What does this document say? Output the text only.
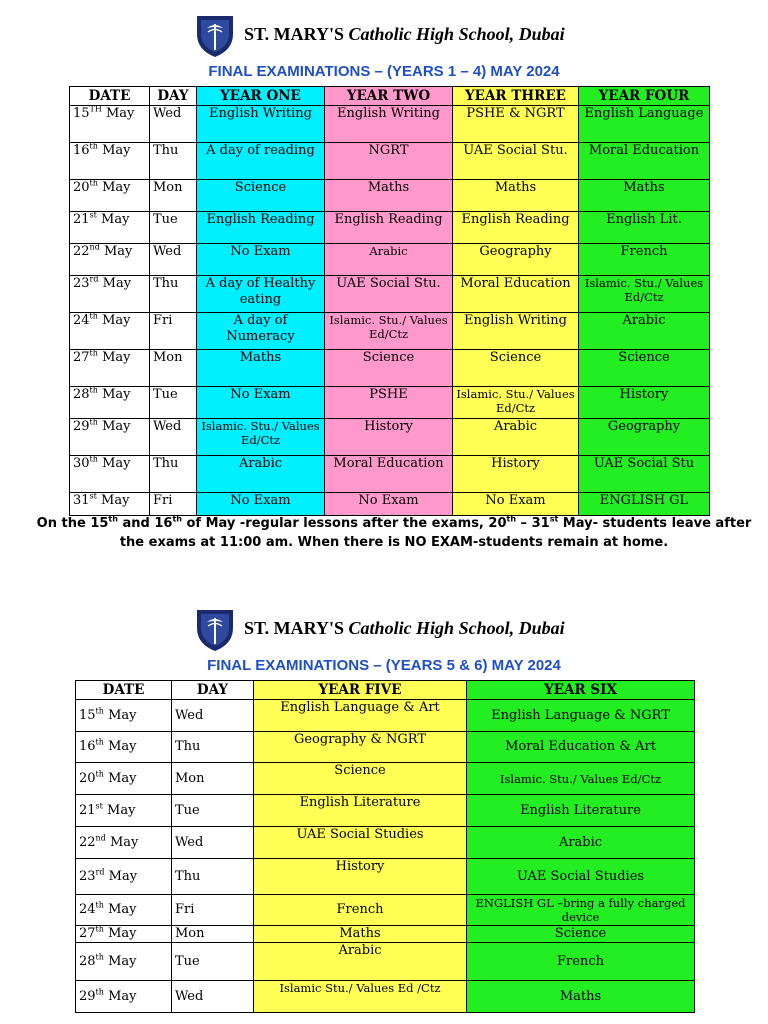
ST. MARY'S Catholic High School, Dubai
FINAL EXAMINATIONS – (YEARS 1 – 4) MAY 2024
DATE	DAY	YEAR ONE	YEAR TWO	YEAR THREE	YEAR FOUR
15TH May	Wed	English Writing	English Writing	PSHE & NGRT	English Language
16th May	Thu	A day of reading	NGRT	UAE Social Stu.	Moral Education
20th May	Mon	Science	Maths	Maths	Maths
21st May	Tue	English Reading	English Reading	English Reading	English Lit.
22nd May	Wed	No Exam	Arabic	Geography	French
23rd May	Thu	A day of Healthy eating	UAE Social Stu.	Moral Education	Islamic. Stu./ Values Ed/Ctz
24th May	Fri	A day of Numeracy	Islamic. Stu./ Values Ed/Ctz	English Writing	Arabic
27th May	Mon	Maths	Science	Science	Science
28th May	Tue	No Exam	PSHE	Islamic. Stu./ Values Ed/Ctz	History
29th May	Wed	Islamic. Stu./ Values Ed/Ctz	History	Arabic	Geography
30th May	Thu	Arabic	Moral Education	History	UAE Social Stu
31st May	Fri	No Exam	No Exam	No Exam	ENGLISH GL
On the 15th and 16th of May -regular lessons after the exams, 20th – 31st May- students leave after the exams at 11:00 am. When there is NO EXAM-students remain at home.
ST. MARY'S Catholic High School, Dubai
FINAL EXAMINATIONS – (YEARS 5 & 6) MAY 2024
DATE	DAY	YEAR FIVE	YEAR SIX
15th May	Wed	English Language & Art	English Language & NGRT
16th May	Thu	Geography & NGRT	Moral Education & Art
20th May	Mon	Science	Islamic. Stu./ Values Ed/Ctz
21st May	Tue	English Literature	English Literature
22nd May	Wed	UAE Social Studies	Arabic
23rd May	Thu	History	UAE Social Studies
24th May	Fri	French	ENGLISH GL –bring a fully charged device
27th May	Mon	Maths	Science
28th May	Tue	Arabic	French
29th May	Wed	Islamic Stu./ Values Ed /Ctz	Maths
